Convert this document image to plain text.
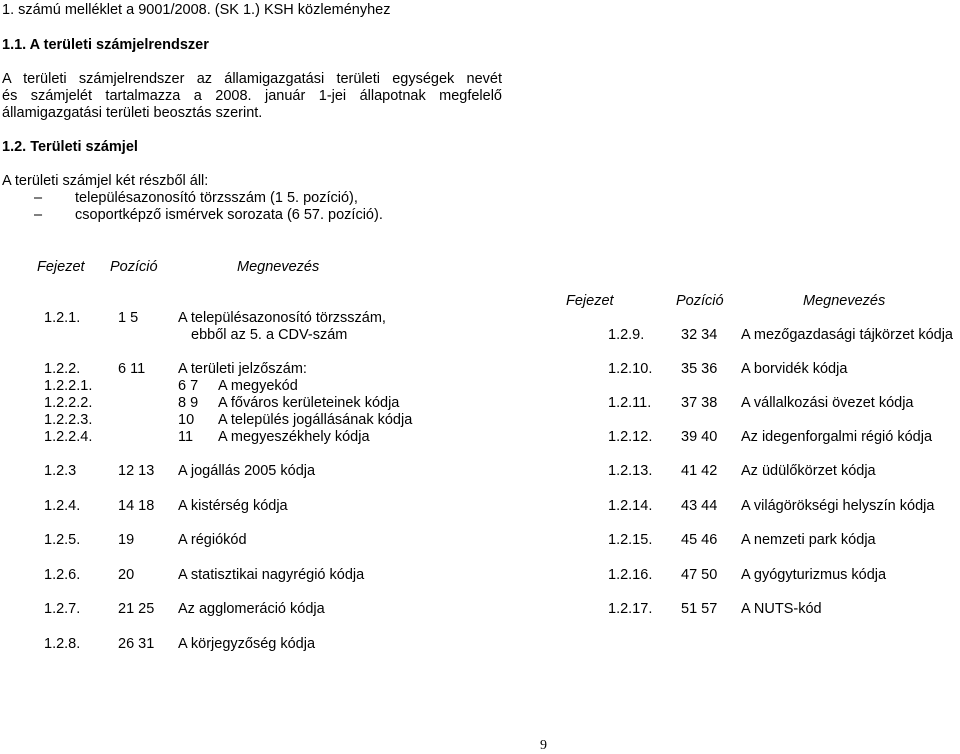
1. számú melléklet a 9001/2008. (SK 1.) KSH közleményhez
1.1. A területi számjelrendszer
A területi számjelrendszer az államigazgatási területi egységek nevét
és számjelét tartalmazza a 2008. január 1-jei állapotnak megfelelő
államigazgatási területi beosztás szerint.
1.2. Területi számjel
A területi számjel két részből áll:
– településazonosító törzsszám (1 5. pozíció),
– csoportképző ismérvek sorozata (6 57. pozíció).
Fejezet Pozíció	Megnevezés
Fejezet	Pozíció	Megnevezés
1.2.1.	1 5	A településazonosító törzsszám,
ebből az 5. a CDV-szám
1.2.2.	6 11 A területi jelzőszám:
1.2.2.1.	6 7 A megyekód
1.2.2.2.	8 9 A főváros kerületeinek kódja
1.2.2.3.	10 A település jogállásának kódja
1.2.2.4.	11 A megyeszékhely kódja
1.2.3	12 13 A jogállás 2005 kódja
1.2.4.	14 18 A kistérség kódja
1.2.5.	19	A régiókód
1.2.6.	20	A statisztikai nagyrégió kódja
1.2.7.	21 25 Az agglomeráció kódja
1.2.8.	26 31 A körjegyzőség kódja
1.2.9.	32 34 A mezőgazdasági tájkörzet kódja
1.2.10. 35 36 A borvidék kódja
1.2.11. 37 38 A vállalkozási övezet kódja
1.2.12. 39 40 Az idegenforgalmi régió kódja
1.2.13. 41 42 Az üdülőkörzet kódja
1.2.14. 43 44 A világörökségi helyszín kódja
1.2.15. 45 46 A nemzeti park kódja
1.2.16. 47 50 A gyógyturizmus kódja
1.2.17. 51 57 A NUTS-kód
9
